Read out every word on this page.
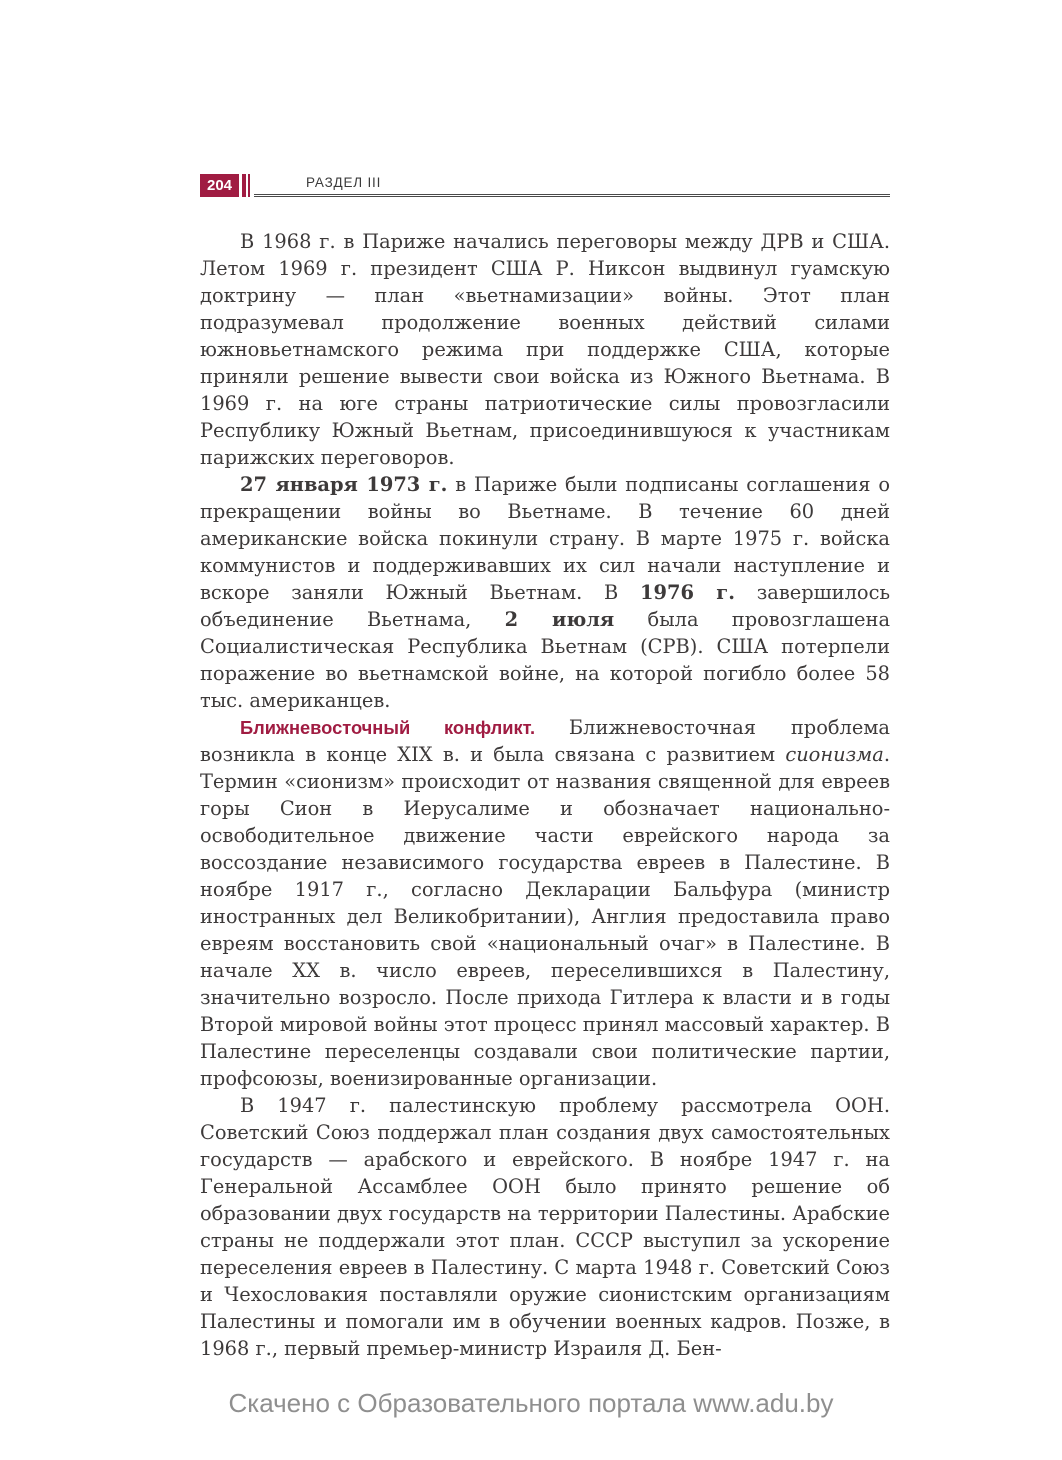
204	РАЗДЕЛ III

В 1968 г. в Париже начались переговоры между ДРВ и США. Летом 1969 г. президент США Р. Никсон выдвинул гуамскую доктрину — план «вьетнамизации» войны. Этот план подразумевал продолжение военных действий силами южновьетнамского режима при поддержке США, которые приняли решение вывести свои войска из Южного Вьетнама. В 1969 г. на юге страны патриотические силы провозгласили Республику Южный Вьетнам, присоединившуюся к участникам парижских переговоров.

27 января 1973 г. в Париже были подписаны соглашения о прекращении войны во Вьетнаме. В течение 60 дней американские войска покинули страну. В марте 1975 г. войска коммунистов и поддерживавших их сил начали наступление и вскоре заняли Южный Вьетнам. В 1976 г. завершилось объединение Вьетнама, 2 июля была провозглашена Социалистическая Республика Вьетнам (СРВ). США потерпели поражение во вьетнамской войне, на которой погибло более 58 тыс. американцев.

Ближневосточный конфликт. Ближневосточная проблема возникла в конце XIX в. и была связана с развитием сионизма. Термин «сионизм» происходит от названия священной для евреев горы Сион в Иерусалиме и обозначает национально-освободительное движение части еврейского народа за воссоздание независимого государства евреев в Палестине. В ноябре 1917 г., согласно Декларации Бальфура (министр иностранных дел Великобритании), Англия предоставила право евреям восстановить свой «национальный очаг» в Палестине. В начале XX в. число евреев, переселившихся в Палестину, значительно возросло. После прихода Гитлера к власти и в годы Второй мировой войны этот процесс принял массовый характер. В Палестине переселенцы создавали свои политические партии, профсоюзы, военизированные организации.

В 1947 г. палестинскую проблему рассмотрела ООН. Советский Союз поддержал план создания двух самостоятельных государств — арабского и еврейского. В ноябре 1947 г. на Генеральной Ассамблее ООН было принято решение об образовании двух государств на территории Палестины. Арабские страны не поддержали этот план. СССР выступил за ускорение переселения евреев в Палестину. С марта 1948 г. Советский Союз и Чехословакия поставляли оружие сионистским организациям Палестины и помогали им в обучении военных кадров. Позже, в 1968 г., первый премьер-министр Израиля Д. Бен-

Скачено с Образовательного портала www.adu.by
